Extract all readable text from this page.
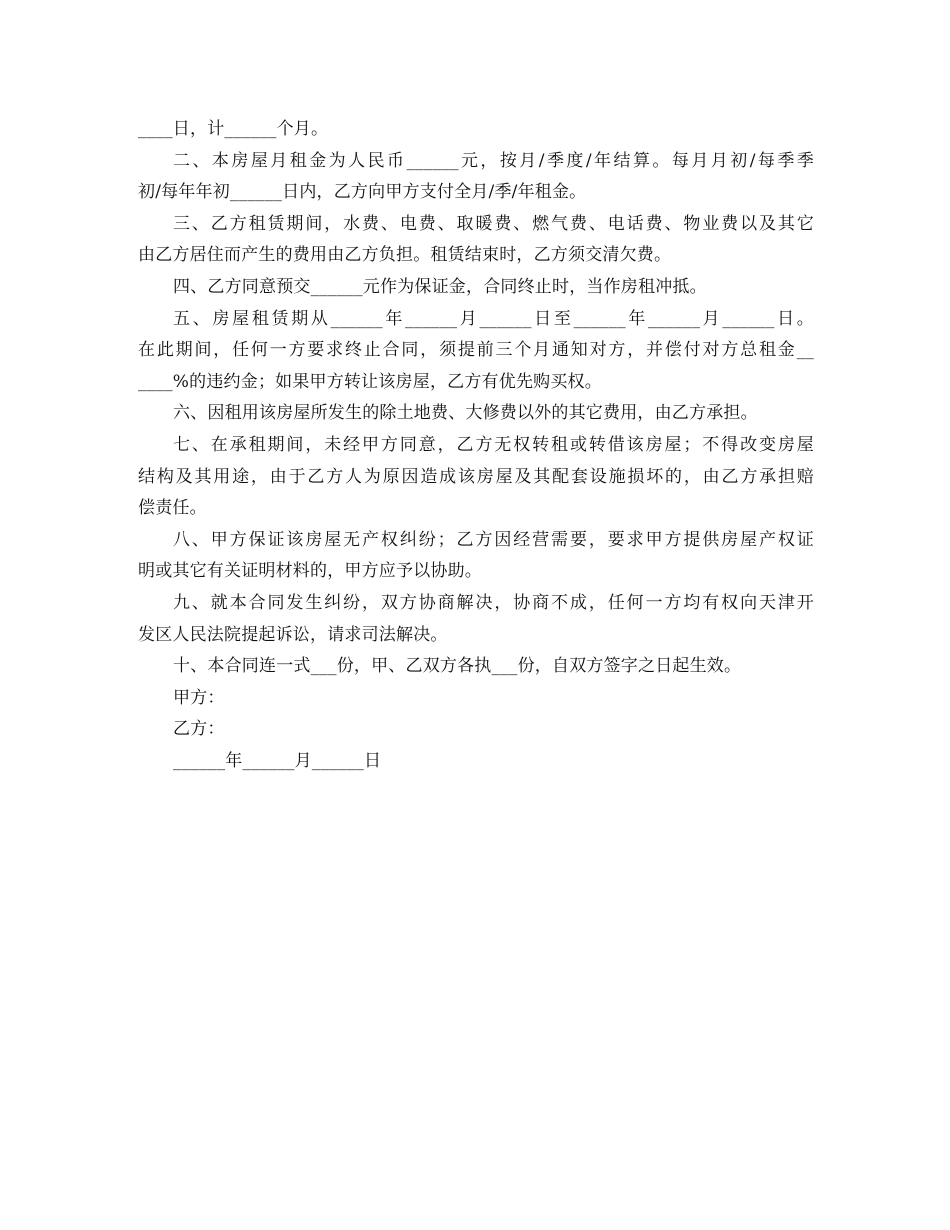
____日，计______个月。
二、本房屋月租金为人民币______元，按月/季度/年结算。每月月初/每季季
初/每年年初______日内，乙方向甲方支付全月/季/年租金。
三、乙方租赁期间，水费、电费、取暖费、燃气费、电话费、物业费以及其它
由乙方居住而产生的费用由乙方负担。租赁结束时，乙方须交清欠费。
四、乙方同意预交______元作为保证金，合同终止时，当作房租冲抵。
五、房屋租赁期从______年______月______日至______年______月______日。
在此期间，任何一方要求终止合同，须提前三个月通知对方，并偿付对方总租金__
____%的违约金；如果甲方转让该房屋，乙方有优先购买权。
六、因租用该房屋所发生的除土地费、大修费以外的其它费用，由乙方承担。
七、在承租期间，未经甲方同意，乙方无权转租或转借该房屋；不得改变房屋
结构及其用途，由于乙方人为原因造成该房屋及其配套设施损坏的，由乙方承担赔
偿责任。
八、甲方保证该房屋无产权纠纷；乙方因经营需要，要求甲方提供房屋产权证
明或其它有关证明材料的，甲方应予以协助。
九、就本合同发生纠纷，双方协商解决，协商不成，任何一方均有权向天津开
发区人民法院提起诉讼，请求司法解决。
十、本合同连一式___份，甲、乙双方各执___份，自双方签字之日起生效。
甲方：
乙方：
______年______月______日
